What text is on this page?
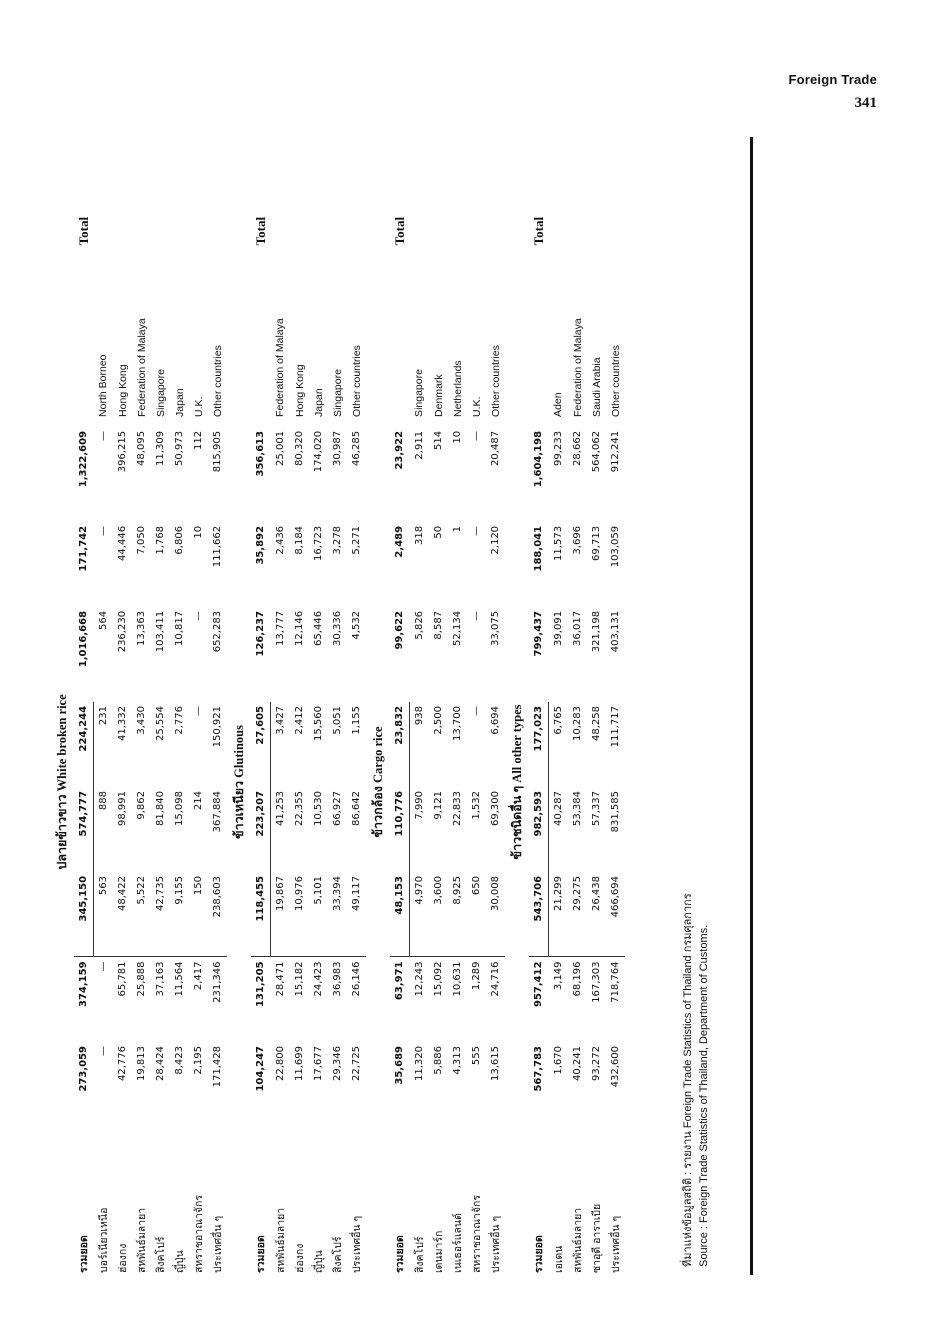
Foreign Trade
341
			ปลายข้าวขาว White broken rice						
รวมยอด	273,059	374,159	345,150	574,777	224,244	1,016,668	171,742	1,322,609	Total
บอร์เนียวเหนือ	—	—	563	888	231	564	—	—	North Borneo
ฮ่องกง	42,776	65,781	48,422	98,991	41,332	236,230	44,446	396,215	Hong Kong
สหพันธ์มลายา	19,813	25,888	5,522	9,862	3,430	13,363	7,050	48,095	Federation of Malaya
สิงคโปร์	28,424	37,163	42,735	81,840	25,554	103,411	1,768	11,309	Singapore
ญี่ปุ่น	8,423	11,564	9,155	15,098	2,776	10,817	6,806	50,973	Japan
สหราชอาณาจักร	2,195	2,417	150	214	—	—	10	112	U.K.
ประเทศอื่น ๆ	171,428	231,346	238,603	367,884	150,921	652,283	111,662	815,905	Other countries
			ข้าวเหนียว Glutinous						
รวมยอด	104,247	131,205	118,455	223,207	27,605	126,237	35,892	356,613	Total
สหพันธ์มลายา	22,800	28,471	19,867	41,253	3,427	13,777	2,436	25,001	Federation of Malaya
ฮ่องกง	11,699	15,182	10,976	22,355	2,412	12,146	8,184	80,320	Hong Kong
ญี่ปุ่น	17,677	24,423	5,101	10,530	15,560	65,446	16,723	174,020	Japan
สิงคโปร์	29,346	36,983	33,394	66,927	5,051	30,336	3,278	30,987	Singapore
ประเทศอื่น ๆ	22,725	26,146	49,117	86,642	1,155	4,532	5,271	46,285	Other countries
			ข้าวกล้อง Cargo rice						
รวมยอด	35,689	63,971	48,153	110,776	23,832	99,622	2,489	23,922	Total
สิงคโปร์	11,320	12,243	4,970	7,990	938	5,826	318	2,911	Singapore
เดนมาร์ก	5,886	15,092	3,600	9,121	2,500	8,587	50	514	Denmark
เนเธอร์แลนด์	4,313	10,631	8,925	22,833	13,700	52,134	1	10	Netherlands
สหราชอาณาจักร	555	1,289	650	1,532	—	—	—	—	U.K.
ประเทศอื่น ๆ	13,615	24,716	30,008	69,300	6,694	33,075	2,120	20,487	Other countries
			ข้าวชนิดอื่น ๆ All other types						
รวมยอด	567,783	957,412	543,706	982,593	177,023	799,437	188,041	1,604,198	Total
เอเดน	1,670	3,149	21,299	40,287	6,765	39,091	11,573	99,233	Aden
สหพันธ์มลายา	40,241	68,196	29,275	53,384	10,283	36,017	3,696	28,662	Federation of Malaya
ซาอุดี อาราเบีย	93,272	167,303	26,438	57,337	48,258	321,198	69,713	564,062	Saudi Arabia
ประเทศอื่น ๆ	432,600	718,764	466,694	831,585	111,717	403,131	103,059	912,241	Other countries
ที่มาแห่งข้อมูลสถิติ : รายงาน Foreign Trade Statistics of Thailand กรมศุลกากร Source : Foreign Trade Statistics of Thailand, Department of Customs.
